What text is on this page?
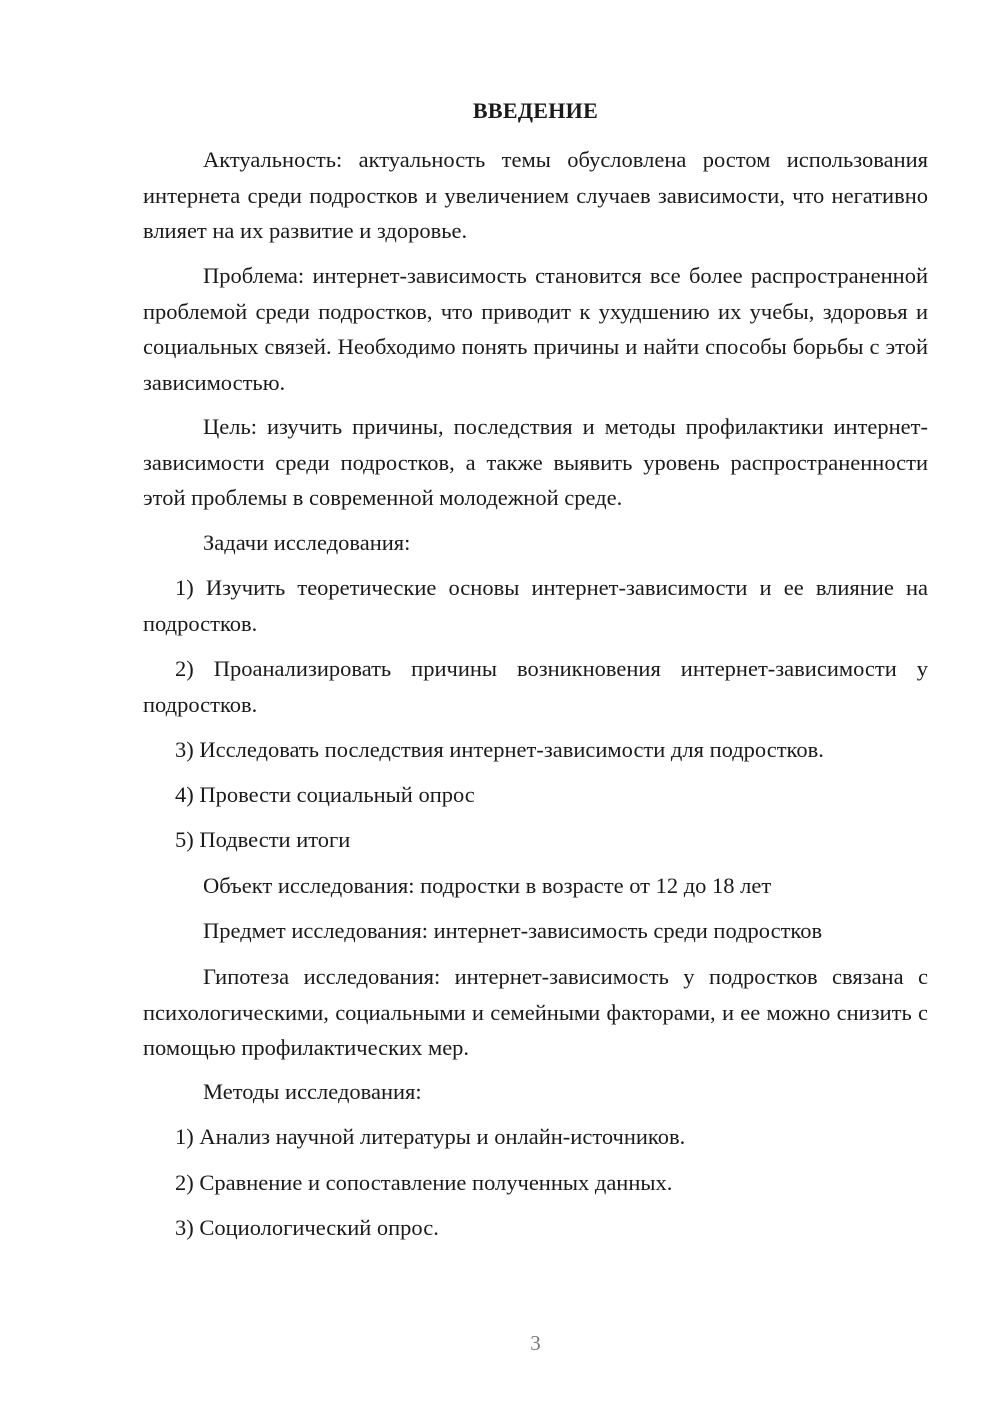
ВВЕДЕНИЕ
Актуальность: актуальность темы обусловлена ростом использования интернета среди подростков и увеличением случаев зависимости, что негативно влияет на их развитие и здоровье.
Проблема: интернет-зависимость становится все более распространенной проблемой среди подростков, что приводит к ухудшению их учебы, здоровья и социальных связей. Необходимо понять причины и найти способы борьбы с этой зависимостью.
Цель: изучить причины, последствия и методы профилактики интернет-зависимости среди подростков, а также выявить уровень распространенности этой проблемы в современной молодежной среде.
Задачи исследования:
1) Изучить теоретические основы интернет-зависимости и ее влияние на подростков.
2) Проанализировать причины возникновения интернет-зависимости у подростков.
3) Исследовать последствия интернет-зависимости для подростков.
4) Провести социальный опрос
5) Подвести итоги
Объект исследования: подростки в возрасте от 12 до 18 лет
Предмет исследования: интернет-зависимость среди подростков
Гипотеза исследования: интернет-зависимость у подростков связана с психологическими, социальными и семейными факторами, и ее можно снизить с помощью профилактических мер.
Методы исследования:
1) Анализ научной литературы и онлайн-источников.
2) Сравнение и сопоставление полученных данных.
3) Социологический опрос.
3
